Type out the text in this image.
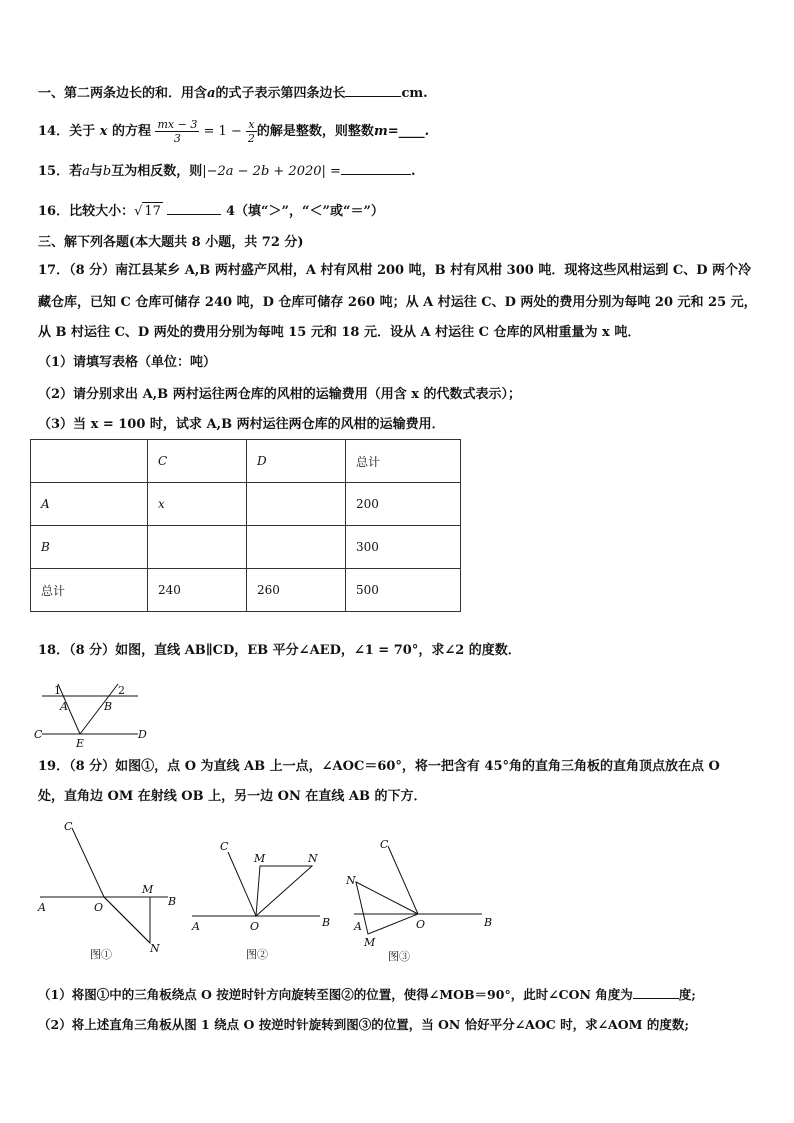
一、第二两条边长的和．用含a的式子表示第四条边长	cm.
14．关于 x 的方程 $\frac{mx - 3}{3} = 1 - \frac{x}{2}$ 的解是整数，则整数m=____.
15．若a与b互为相反数，则|−2a − 2b + 2020| =	.
16．比较大小：√ 17	4（填“＞”，“＜”或“＝”）
三、解下列各题(本大题共 8 小题，共 72 分)
17．（8 分）南江县某乡 A,B 两村盛产风柑，A 村有风柑 200 吨，B 村有风柑 300 吨．现将这些风柑运到 C、D 两个冷
藏仓库，已知 C 仓库可储存 240 吨，D 仓库可储存 260 吨；从 A 村运往 C、D 两处的费用分别为每吨 20 元和 25 元，
从 B 村运往 C、D 两处的费用分别为每吨 15 元和 18 元．设从 A 村运往 C 仓库的风柑重量为 x 吨．
（1）请填写表格（单位：吨）
（2）请分别求出 A,B 两村运往两仓库的风柑的运输费用（用含 x 的代数式表示）；
（3）当 x = 100 时，试求 A,B 两村运往两仓库的风柑的运输费用．
	C	D	总计
A	x		200
B			300
总计	240	260	500
18．（8 分）如图，直线 AB∥CD，EB 平分∠AED，∠1 = 70°，求∠2 的度数．
1	2
A	B
C	D
E
19．（8 分）如图①，点 O 为直线 AB 上一点，∠AOC＝60°，将一把含有 45°角的直角三角板的直角顶点放在点 O
处，直角边 OM 在射线 OB 上，另一边 ON 在直线 AB 的下方．
C
A	O
M
B
N
图①
C
M	N
A	O	B
图②
C
N
A
M
O	B
图③
（1）将图①中的三角板绕点 O 按逆时针方向旋转至图②的位置，使得∠MOB＝90°，此时∠CON 角度为	度;
（2）将上述直角三角板从图 1 绕点 O 按逆时针旋转到图③的位置，当 ON 恰好平分∠AOC 时，求∠AOM 的度数;
